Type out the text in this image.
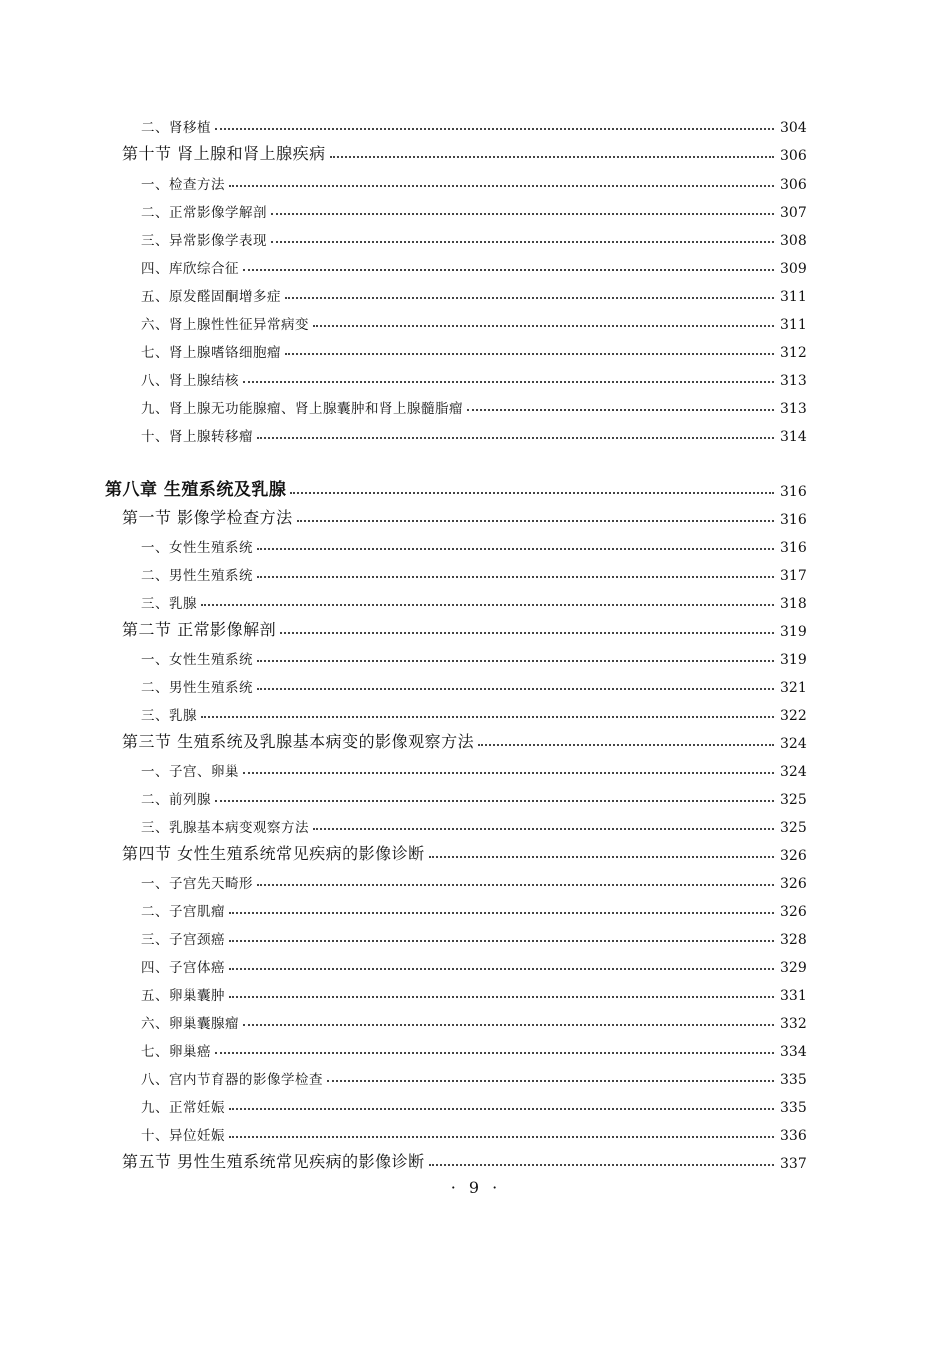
二、肾移植	304
第十节 肾上腺和肾上腺疾病	306
一、检查方法	306
二、正常影像学解剖	307
三、异常影像学表现	308
四、库欣综合征	309
五、原发醛固酮增多症	311
六、肾上腺性性征异常病变	311
七、肾上腺嗜铬细胞瘤	312
八、肾上腺结核	313
九、肾上腺无功能腺瘤、肾上腺囊肿和肾上腺髓脂瘤	313
十、肾上腺转移瘤	314
第八章 生殖系统及乳腺	316
第一节 影像学检查方法	316
一、女性生殖系统	316
二、男性生殖系统	317
三、乳腺	318
第二节 正常影像解剖	319
一、女性生殖系统	319
二、男性生殖系统	321
三、乳腺	322
第三节 生殖系统及乳腺基本病变的影像观察方法	324
一、子宫、卵巢	324
二、前列腺	325
三、乳腺基本病变观察方法	325
第四节 女性生殖系统常见疾病的影像诊断	326
一、子宫先天畸形	326
二、子宫肌瘤	326
三、子宫颈癌	328
四、子宫体癌	329
五、卵巢囊肿	331
六、卵巢囊腺瘤	332
七、卵巢癌	334
八、宫内节育器的影像学检查	335
九、正常妊娠	335
十、异位妊娠	336
第五节 男性生殖系统常见疾病的影像诊断	337
· 9 ·
